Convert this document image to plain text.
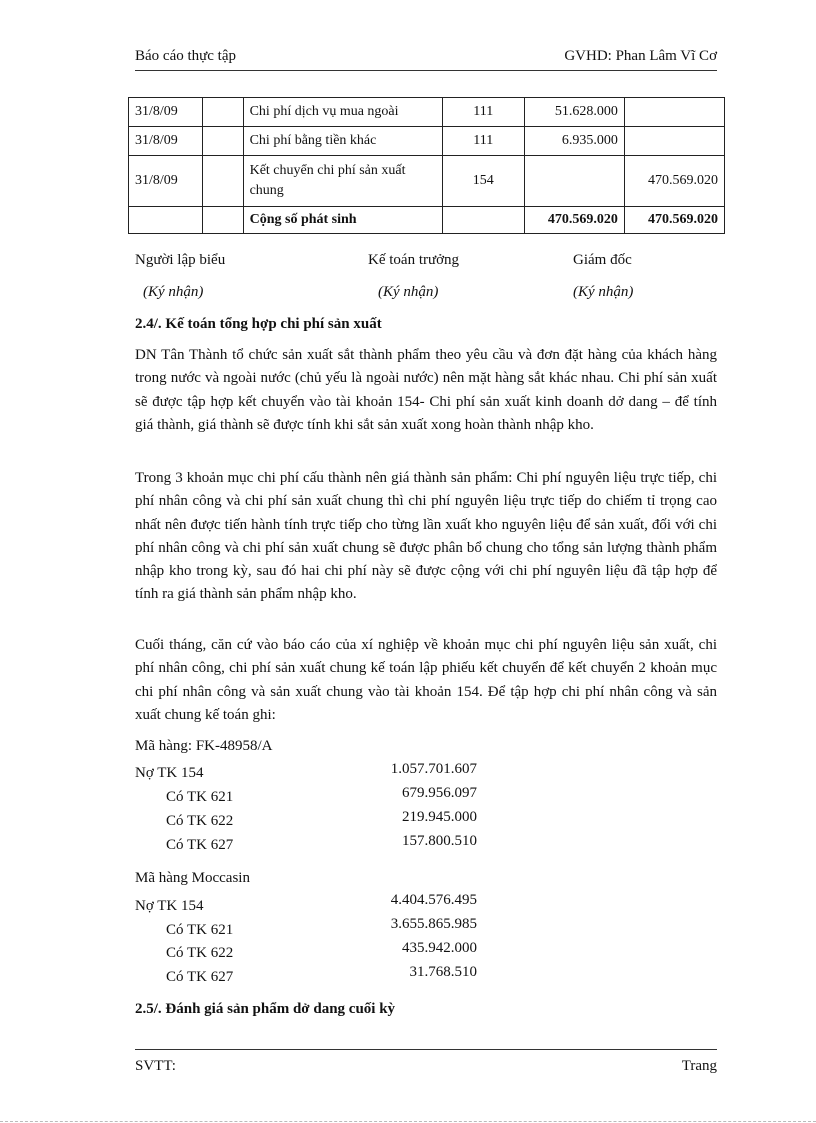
Báo cáo thực tập	GVHD: Phan Lâm Vĩ Cơ
31/8/09		Chi phí dịch vụ mua ngoài	111	51.628.000	
31/8/09		Chi phí bằng tiền khác	111	6.935.000	
31/8/09		Kết chuyển chi phí sản xuất chung	154		470.569.020
		Cộng số phát sinh		470.569.020	470.569.020
Người lập biểu	Kế toán trưởng	Giám đốc
(Ký nhận)	(Ký nhận)	(Ký nhận)
2.4/. Kế toán tổng hợp chi phí sản xuất

DN Tân Thành tổ chức sản xuất sắt thành phẩm theo yêu cầu và đơn đặt hàng của khách hàng trong nước và ngoài nước (chủ yếu là ngoài nước) nên mặt hàng sắt khác nhau. Chi phí sản xuất sẽ được tập hợp kết chuyển vào tài khoản 154- Chi phí sản xuất kinh doanh dở dang – để tính giá thành, giá thành sẽ được tính khi sắt sản xuất xong hoàn thành nhập kho.

Trong 3 khoản mục chi phí cấu thành nên giá thành sản phẩm: Chi phí nguyên liệu trực tiếp, chi phí nhân công và chi phí sản xuất chung thì chi phí nguyên liệu trực tiếp do chiếm tỉ trọng cao nhất nên được tiến hành tính trực tiếp cho từng lần xuất kho nguyên liệu để sản xuất, đối với chi phí nhân công và chi phí sản xuất chung sẽ được phân bổ chung cho tổng sản lượng thành phẩm nhập kho trong kỳ, sau đó hai chi phí này sẽ được cộng với chi phí nguyên liệu đã tập hợp để tính ra giá thành sản phẩm nhập kho.

Cuối tháng, căn cứ vào báo cáo của xí nghiệp về khoản mục chi phí nguyên liệu sản xuất, chi phí nhân công, chi phí sản xuất chung kế toán lập phiếu kết chuyển để kết chuyển 2 khoản mục chi phí nhân công và sản xuất chung vào tài khoản 154. Để tập hợp chi phí nhân công và sản xuất chung kế toán ghi:

Mã hàng: FK-48958/A
Nợ TK 154	1.057.701.607
Có TK 621	679.956.097
Có TK 622	219.945.000
Có TK 627	157.800.510
Mã hàng Moccasin
Nợ TK 154	4.404.576.495
Có TK 621	3.655.865.985
Có TK 622	435.942.000
Có TK 627	31.768.510
2.5/. Đánh giá sản phẩm dở dang cuối kỳ
SVTT:	Trang
